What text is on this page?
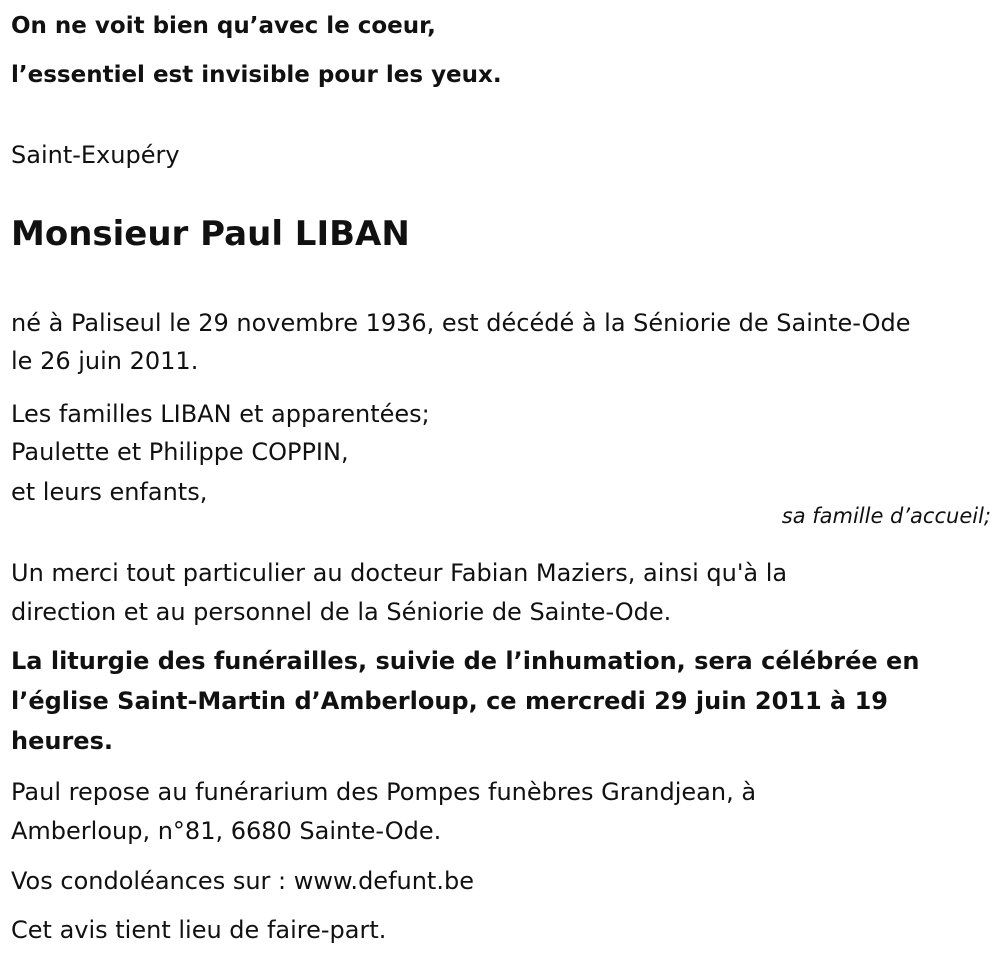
On ne voit bien qu’avec le coeur,
l’essentiel est invisible pour les yeux.
Saint-Exupéry
Monsieur Paul LIBAN
né à Paliseul le 29 novembre 1936, est décédé à la Séniorie de Sainte-Ode
le 26 juin 2011.
Les familles LIBAN et apparentées;
Paulette et Philippe COPPIN,
et leurs enfants,
sa famille d’accueil;
Un merci tout particulier au docteur Fabian Maziers, ainsi qu'à la
direction et au personnel de la Séniorie de Sainte-Ode.
La liturgie des funérailles, suivie de l’inhumation, sera célébrée en
l’église Saint-Martin d’Amberloup, ce mercredi 29 juin 2011 à 19
heures.
Paul repose au funérarium des Pompes funèbres Grandjean, à
Amberloup, n°81, 6680 Sainte-Ode.
Vos condoléances sur : www.defunt.be
Cet avis tient lieu de faire-part.
